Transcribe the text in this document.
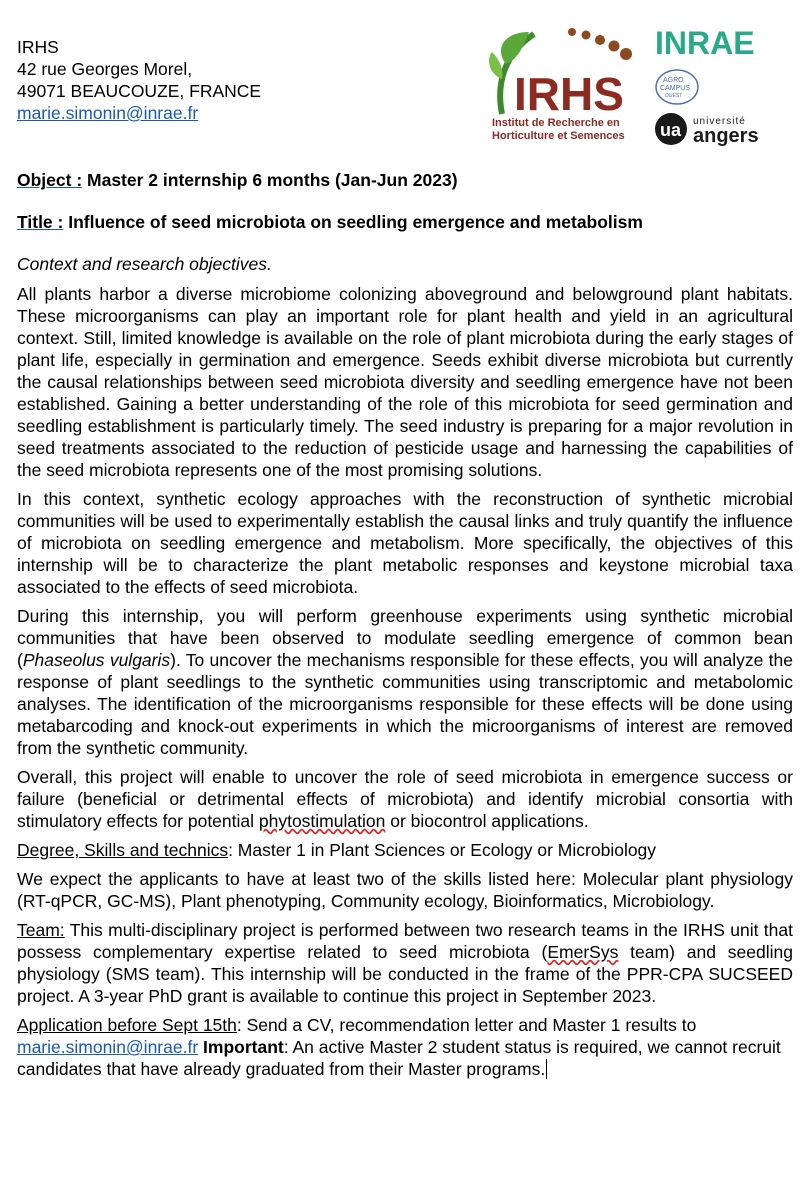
IRHS
42 rue Georges Morel,
49071 BEAUCOUZE, FRANCE
marie.simonin@inrae.fr	IRHS
Institut de Recherche en
Horticulture et Semences
INRAE
AGRO
CAMPUS
OUEST
ua université
angers
Object : Master 2 internship 6 months (Jan-Jun 2023)
Title : Influence of seed microbiota on seedling emergence and metabolism
Context and research objectives.

All plants harbor a diverse microbiome colonizing aboveground and belowground plant habitats. These microorganisms can play an important role for plant health and yield in an agricultural context. Still, limited knowledge is available on the role of plant microbiota during the early stages of plant life, especially in germination and emergence. Seeds exhibit diverse microbiota but currently the causal relationships between seed microbiota diversity and seedling emergence have not been established. Gaining a better understanding of the role of this microbiota for seed germination and seedling establishment is particularly timely. The seed industry is preparing for a major revolution in seed treatments associated to the reduction of pesticide usage and harnessing the capabilities of the seed microbiota represents one of the most promising solutions.

In this context, synthetic ecology approaches with the reconstruction of synthetic microbial communities will be used to experimentally establish the causal links and truly quantify the influence of microbiota on seedling emergence and metabolism. More specifically, the objectives of this internship will be to characterize the plant metabolic responses and keystone microbial taxa associated to the effects of seed microbiota.

During this internship, you will perform greenhouse experiments using synthetic microbial communities that have been observed to modulate seedling emergence of common bean (Phaseolus vulgaris). To uncover the mechanisms responsible for these effects, you will analyze the response of plant seedlings to the synthetic communities using transcriptomic and metabolomic analyses. The identification of the microorganisms responsible for these effects will be done using metabarcoding and knock-out experiments in which the microorganisms of interest are removed from the synthetic community.

Overall, this project will enable to uncover the role of seed microbiota in emergence success or failure (beneficial or detrimental effects of microbiota) and identify microbial consortia with stimulatory effects for potential phytostimulation or biocontrol applications.

Degree, Skills and technics: Master 1 in Plant Sciences or Ecology or Microbiology

We expect the applicants to have at least two of the skills listed here: Molecular plant physiology (RT-qPCR, GC-MS), Plant phenotyping, Community ecology, Bioinformatics, Microbiology.

Team: This multi-disciplinary project is performed between two research teams in the IRHS unit that possess complementary expertise related to seed microbiota (EmerSys team) and seedling physiology (SMS team). This internship will be conducted in the frame of the PPR-CPA SUCSEED project. A 3-year PhD grant is available to continue this project in September 2023.

Application before Sept 15th: Send a CV, recommendation letter and Master 1 results to marie.simonin@inrae.fr Important: An active Master 2 student status is required, we cannot recruit candidates that have already graduated from their Master programs.
